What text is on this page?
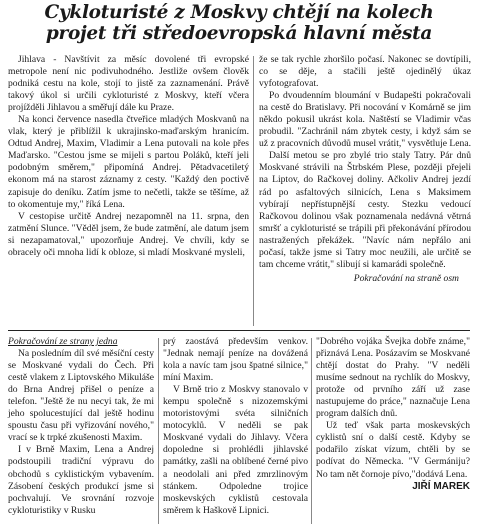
Cykloturisté z Moskvy chtějí na kolech
projet tři středoevropská hlavní města

Jihlava - Navštívit za měsíc dovolené tři evropské metropole není nic podivuhodného. Jestliže ovšem člověk podniká cestu na kole, stojí to jistě za zaznamenání. Právě takový úkol si určili cykloturisté z Moskvy, kteří včera projížděli Jihlavou a směřují dále ku Praze.

Na konci července nasedla čtveřice mladých Moskvanů na vlak, který je přiblížil k ukrajinsko-maďarským hranicím. Odtud Andrej, Maxim, Vladimir a Lena putovali na kole přes Maďarsko. "Cestou jsme se mijeli s partou Poláků, kteří jeli podobným směrem," připomíná Andrej. Pětadvacetiletý ekonom má na starost záznamy z cesty. "Každý den poctivě zapisuje do deníku. Zatím jsme to nečetli, takže se těšíme, až to okomentuje my," říká Lena.

V cestopise určitě Andrej nezapomněl na 11. srpna, den zatmění Slunce. "Věděl jsem, že bude zatmění, ale datum jsem si nezapamatoval," upozorňuje Andrej. Ve chvíli, kdy se obracely oči mnoha lidí k obloze, si mladí Moskvané mysleli,

že se tak rychle zhoršilo počasí. Nakonec se dovtípili, co se děje, a stačili ještě ojedinělý úkaz vyfotografovat.

Po dvoudenním bloumání v Budapešti pokračovali na cestě do Bratislavy. Při nocování v Komárně se jim někdo pokusil ukrást kola. Naštěstí se Vladimir včas probudil. "Zachránil nám zbytek cesty, i když sám se už z pracovních důvodů musel vrátit," vysvětluje Lena.

Další metou se pro zbylé trio staly Tatry. Pár dnů Moskvané strávili na Štrbském Plese, později přejeli na Liptov, do Račkovej doliny. Ačkoliv Andrej jezdí rád po asfaltových silnicích, Lena s Maksimem vybírají nepřístupnější cesty. Stezku vedoucí Račkovou dolinou však poznamenala nedávná větrná smršť a cykloturisté se trápili při překonávání přírodou nastražených překážek. "Navíc nám nepřálo ani počasí, takže jsme si Tatry moc neužili, ale určitě se tam chceme vrátit," slibují si kamarádi společně.

Pokračování na straně osm

Pokračování ze strany jedna

Na posledním díl své měsíční cesty se Moskvané vydali do Čech. Při cestě vlakem z Liptovského Mikuláše do Brna Andrej přišel o peníze a telefon. "Ještě že nu necyi tak, že mi jeho spolucestující dal ještě hodinu spoustu času při vyřizování nového," vrací se k trpké zkušenosti Maxim.

I v Brně Maxim, Lena a Andrej podstoupili tradiční výpravu do obchodů s cyklistickým vybavením. Zásobení českých produkcí jsme si pochvalují. Ve srovnání rozvoje cykloturistiky v Rusku

prý zaostává především venkov. "Jednak nemají peníze na dovážená kola a navíc tam jsou špatné silnice," míní Maxim.

V Brně trio z Moskvy stanovalo v kempu společně s nizozemskými motoristovými svéta silničních motocyklů. V neděli se pak Moskvané vydali do Jihlavy. Včera dopoledne si prohlédli jihlavské památky, zašli na oblíbené černé pivo a neodolali ani před zmrzlinovým stánkem. Odpoledne trojice moskevských cyklistů cestovala směrem k Haškově Lipnici.

"Dobrého vojáka Švejka dobře známe," přiznává Lena. Posázavím se Moskvané chtějí dostat do Prahy. "V neděli musíme sednout na rychlík do Moskvy, protože od prvního září už zase nastupujeme do práce," naznačuje Lena program dalších dnů.

Už teď však parta moskevských cyklistů sní o další cestě. Kdyby se podařilo získat vízum, chtěli by se podívat do Německa. "V Germániju? No tam nět čornoje pívo,"dodává Lena.

JIŘÍ MAREK
